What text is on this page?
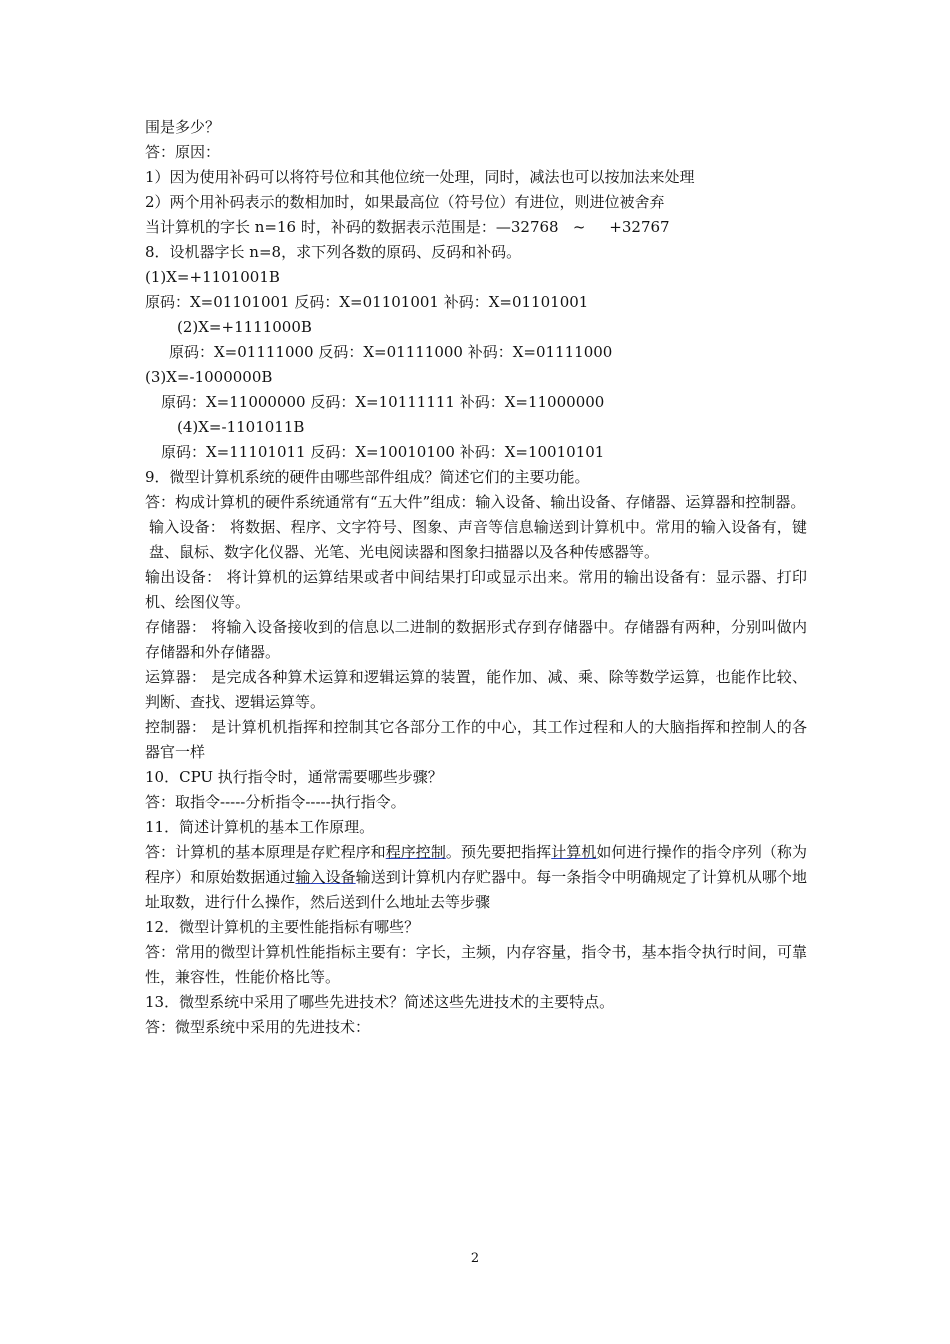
围是多少？
答：原因：
1）因为使用补码可以将符号位和其他位统一处理，同时，减法也可以按加法来处理
2）两个用补码表示的数相加时，如果最高位（符号位）有进位，则进位被舍弃
当计算机的字长 n=16 时，补码的数据表示范围是：—32768   ~     +32767
8．设机器字长 n=8，求下列各数的原码、反码和补码。
(1)X=+1101001B
原码：X=01101001 反码：X=01101001 补码：X=01101001
(2)X=+1111000B
原码：X=01111000 反码：X=01111000 补码：X=01111000
(3)X=-1000000B
原码：X=11000000 反码：X=10111111 补码：X=11000000
(4)X=-1101011B
原码：X=11101011 反码：X=10010100 补码：X=10010101
9．微型计算机系统的硬件由哪些部件组成？简述它们的主要功能。
答：构成计算机的硬件系统通常有“五大件”组成：输入设备、输出设备、存储器、运算器和控制器。
输入设备： 将数据、程序、文字符号、图象、声音等信息输送到计算机中。常用的输入设备有，键盘、鼠标、数字化仪器、光笔、光电阅读器和图象扫描器以及各种传感器等。
输出设备： 将计算机的运算结果或者中间结果打印或显示出来。常用的输出设备有：显示器、打印机、绘图仪等。
存储器： 将输入设备接收到的信息以二进制的数据形式存到存储器中。存储器有两种，分别叫做内存储器和外存储器。
运算器： 是完成各种算术运算和逻辑运算的装置，能作加、减、乘、除等数学运算，也能作比较、判断、查找、逻辑运算等。
控制器： 是计算机机指挥和控制其它各部分工作的中心，其工作过程和人的大脑指挥和控制人的各器官一样
10．CPU 执行指令时，通常需要哪些步骤？
答：取指令-----分析指令-----执行指令。
11．简述计算机的基本工作原理。
答：计算机的基本原理是存贮程序和程序控制。预先要把指挥计算机如何进行操作的指令序列（称为程序）和原始数据通过输入设备输送到计算机内存贮器中。每一条指令中明确规定了计算机从哪个地址取数，进行什么操作，然后送到什么地址去等步骤
12．微型计算机的主要性能指标有哪些？
答：常用的微型计算机性能指标主要有：字长，主频，内存容量，指令书，基本指令执行时间，可靠性，兼容性，性能价格比等。
13．微型系统中采用了哪些先进技术？简述这些先进技术的主要特点。
答：微型系统中采用的先进技术：
2
